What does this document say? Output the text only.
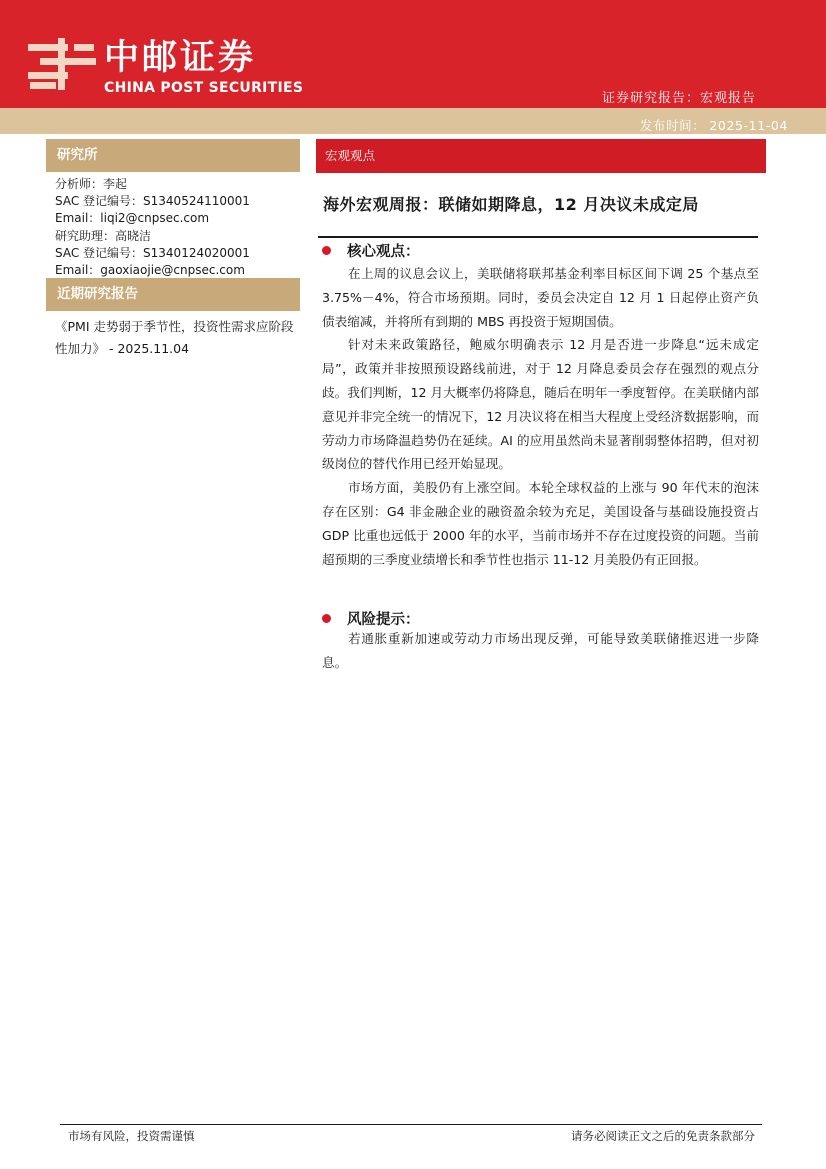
中邮证券
CHINA POST SECURITIES
证券研究报告：宏观报告
发布时间： 2025-11-04
研究所
分析师：李起
SAC 登记编号：S1340524110001
Email：liqi2@cnpsec.com
研究助理：高晓洁
SAC 登记编号：S1340124020001
Email：gaoxiaojie@cnpsec.com
近期研究报告
《PMI 走势弱于季节性，投资性需求应阶段性加力》 - 2025.11.04
宏观观点
海外宏观周报：联储如期降息，12 月决议未成定局
核心观点：

在上周的议息会议上，美联储将联邦基金利率目标区间下调 25 个基点至 3.75%－4%，符合市场预期。同时，委员会决定自 12 月 1 日起停止资产负债表缩减，并将所有到期的 MBS 再投资于短期国债。

针对未来政策路径，鲍威尔明确表示 12 月是否进一步降息“远未成定局”，政策并非按照预设路线前进，对于 12 月降息委员会存在强烈的观点分歧。我们判断，12 月大概率仍将降息，随后在明年一季度暂停。在美联储内部意见并非完全统一的情况下，12 月决议将在相当大程度上受经济数据影响，而劳动力市场降温趋势仍在延续。AI 的应用虽然尚未显著削弱整体招聘，但对初级岗位的替代作用已经开始显现。

市场方面，美股仍有上涨空间。本轮全球权益的上涨与 90 年代末的泡沫存在区别：G4 非金融企业的融资盈余较为充足，美国设备与基础设施投资占 GDP 比重也远低于 2000 年的水平，当前市场并不存在过度投资的问题。当前超预期的三季度业绩增长和季节性也指示 11-12 月美股仍有正回报。

风险提示：

若通胀重新加速或劳动力市场出现反弹，可能导致美联储推迟进一步降息。

市场有风险，投资需谨慎	请务必阅读正文之后的免责条款部分
